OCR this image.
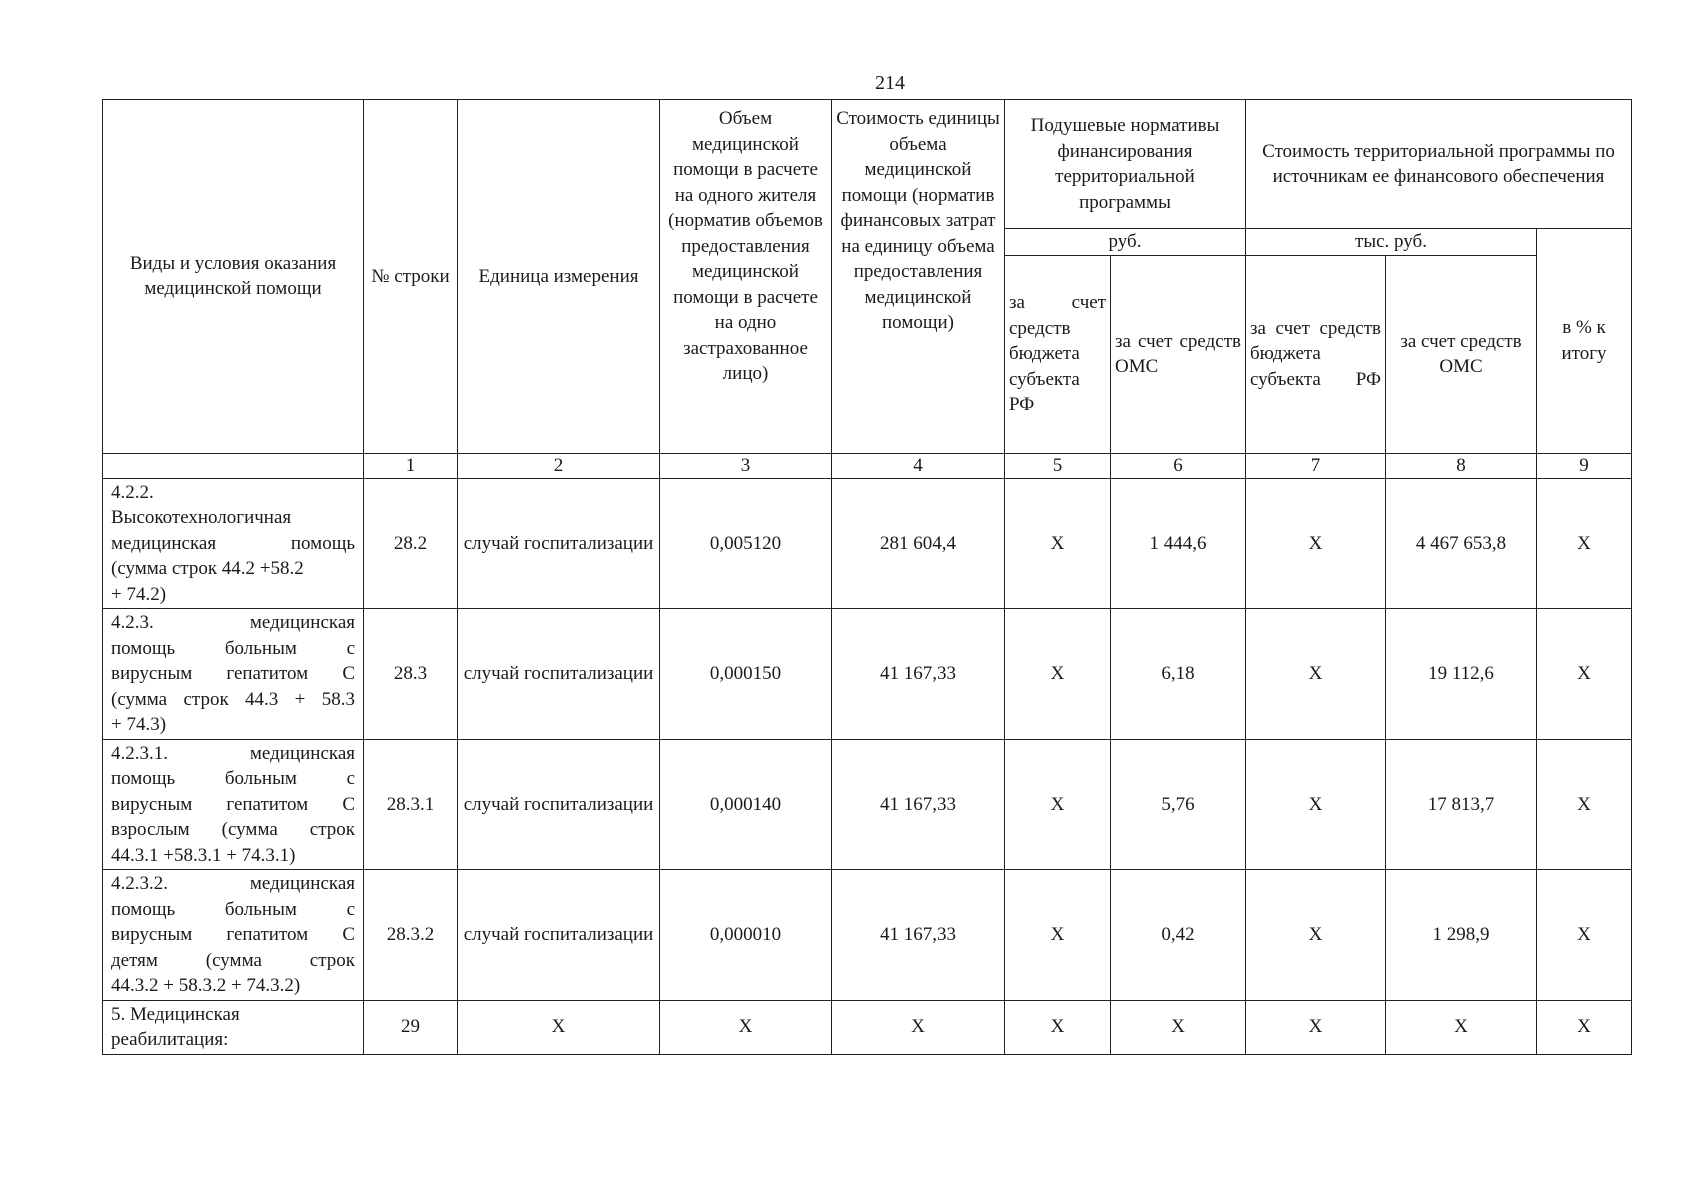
214
Виды и условия оказания медицинской помощи	№ строки	Единица измерения	Объем медицинской помощи в расчете на одного жителя (норматив объемов предоставления медицинской помощи в расчете на одно застрахованное лицо)	Стоимость единицы объема медицинской помощи (норматив финансовых затрат на единицу объема предоставления медицинской помощи)	Подушевые нормативы финансирования территориальной программы		Стоимость территориальной программы по источникам ее финансового обеспечения		
					руб.		тыс. руб.		в % к итогу

					за счет средств бюджета субъекта РФ	за счет средств ОМС	за счет средств бюджета субъекта РФ	за счет средств ОМС	
	1	2	3	4	5	6	7	8	9

4.2.2.
Высокотехнологичная
медицинская помощь
(сумма строк 44.2 +58.2
+ 74.2)	28.2	случай госпитализации	0,005120	281 604,4	X	1 444,6	X	4 467 653,8	X

4.2.3. медицинская
помощь больным с
вирусным гепатитом С
(сумма строк 44.3 + 58.3
+ 74.3)	28.3	случай госпитализации	0,000150	41 167,33	X	6,18	X	19 112,6	X

4.2.3.1. медицинская
помощь больным с
вирусным гепатитом С
взрослым (сумма строк
44.3.1 +58.3.1 + 74.3.1)	28.3.1	случай госпитализации	0,000140	41 167,33	X	5,76	X	17 813,7	X

4.2.3.2. медицинская
помощь больным с
вирусным гепатитом С
детям (сумма строк
44.3.2 + 58.3.2 + 74.3.2)	28.3.2	случай госпитализации	0,000010	41 167,33	X	0,42	X	1 298,9	X

5. Медицинская
реабилитация:	29	X	X	X	X	X	X	X	X
